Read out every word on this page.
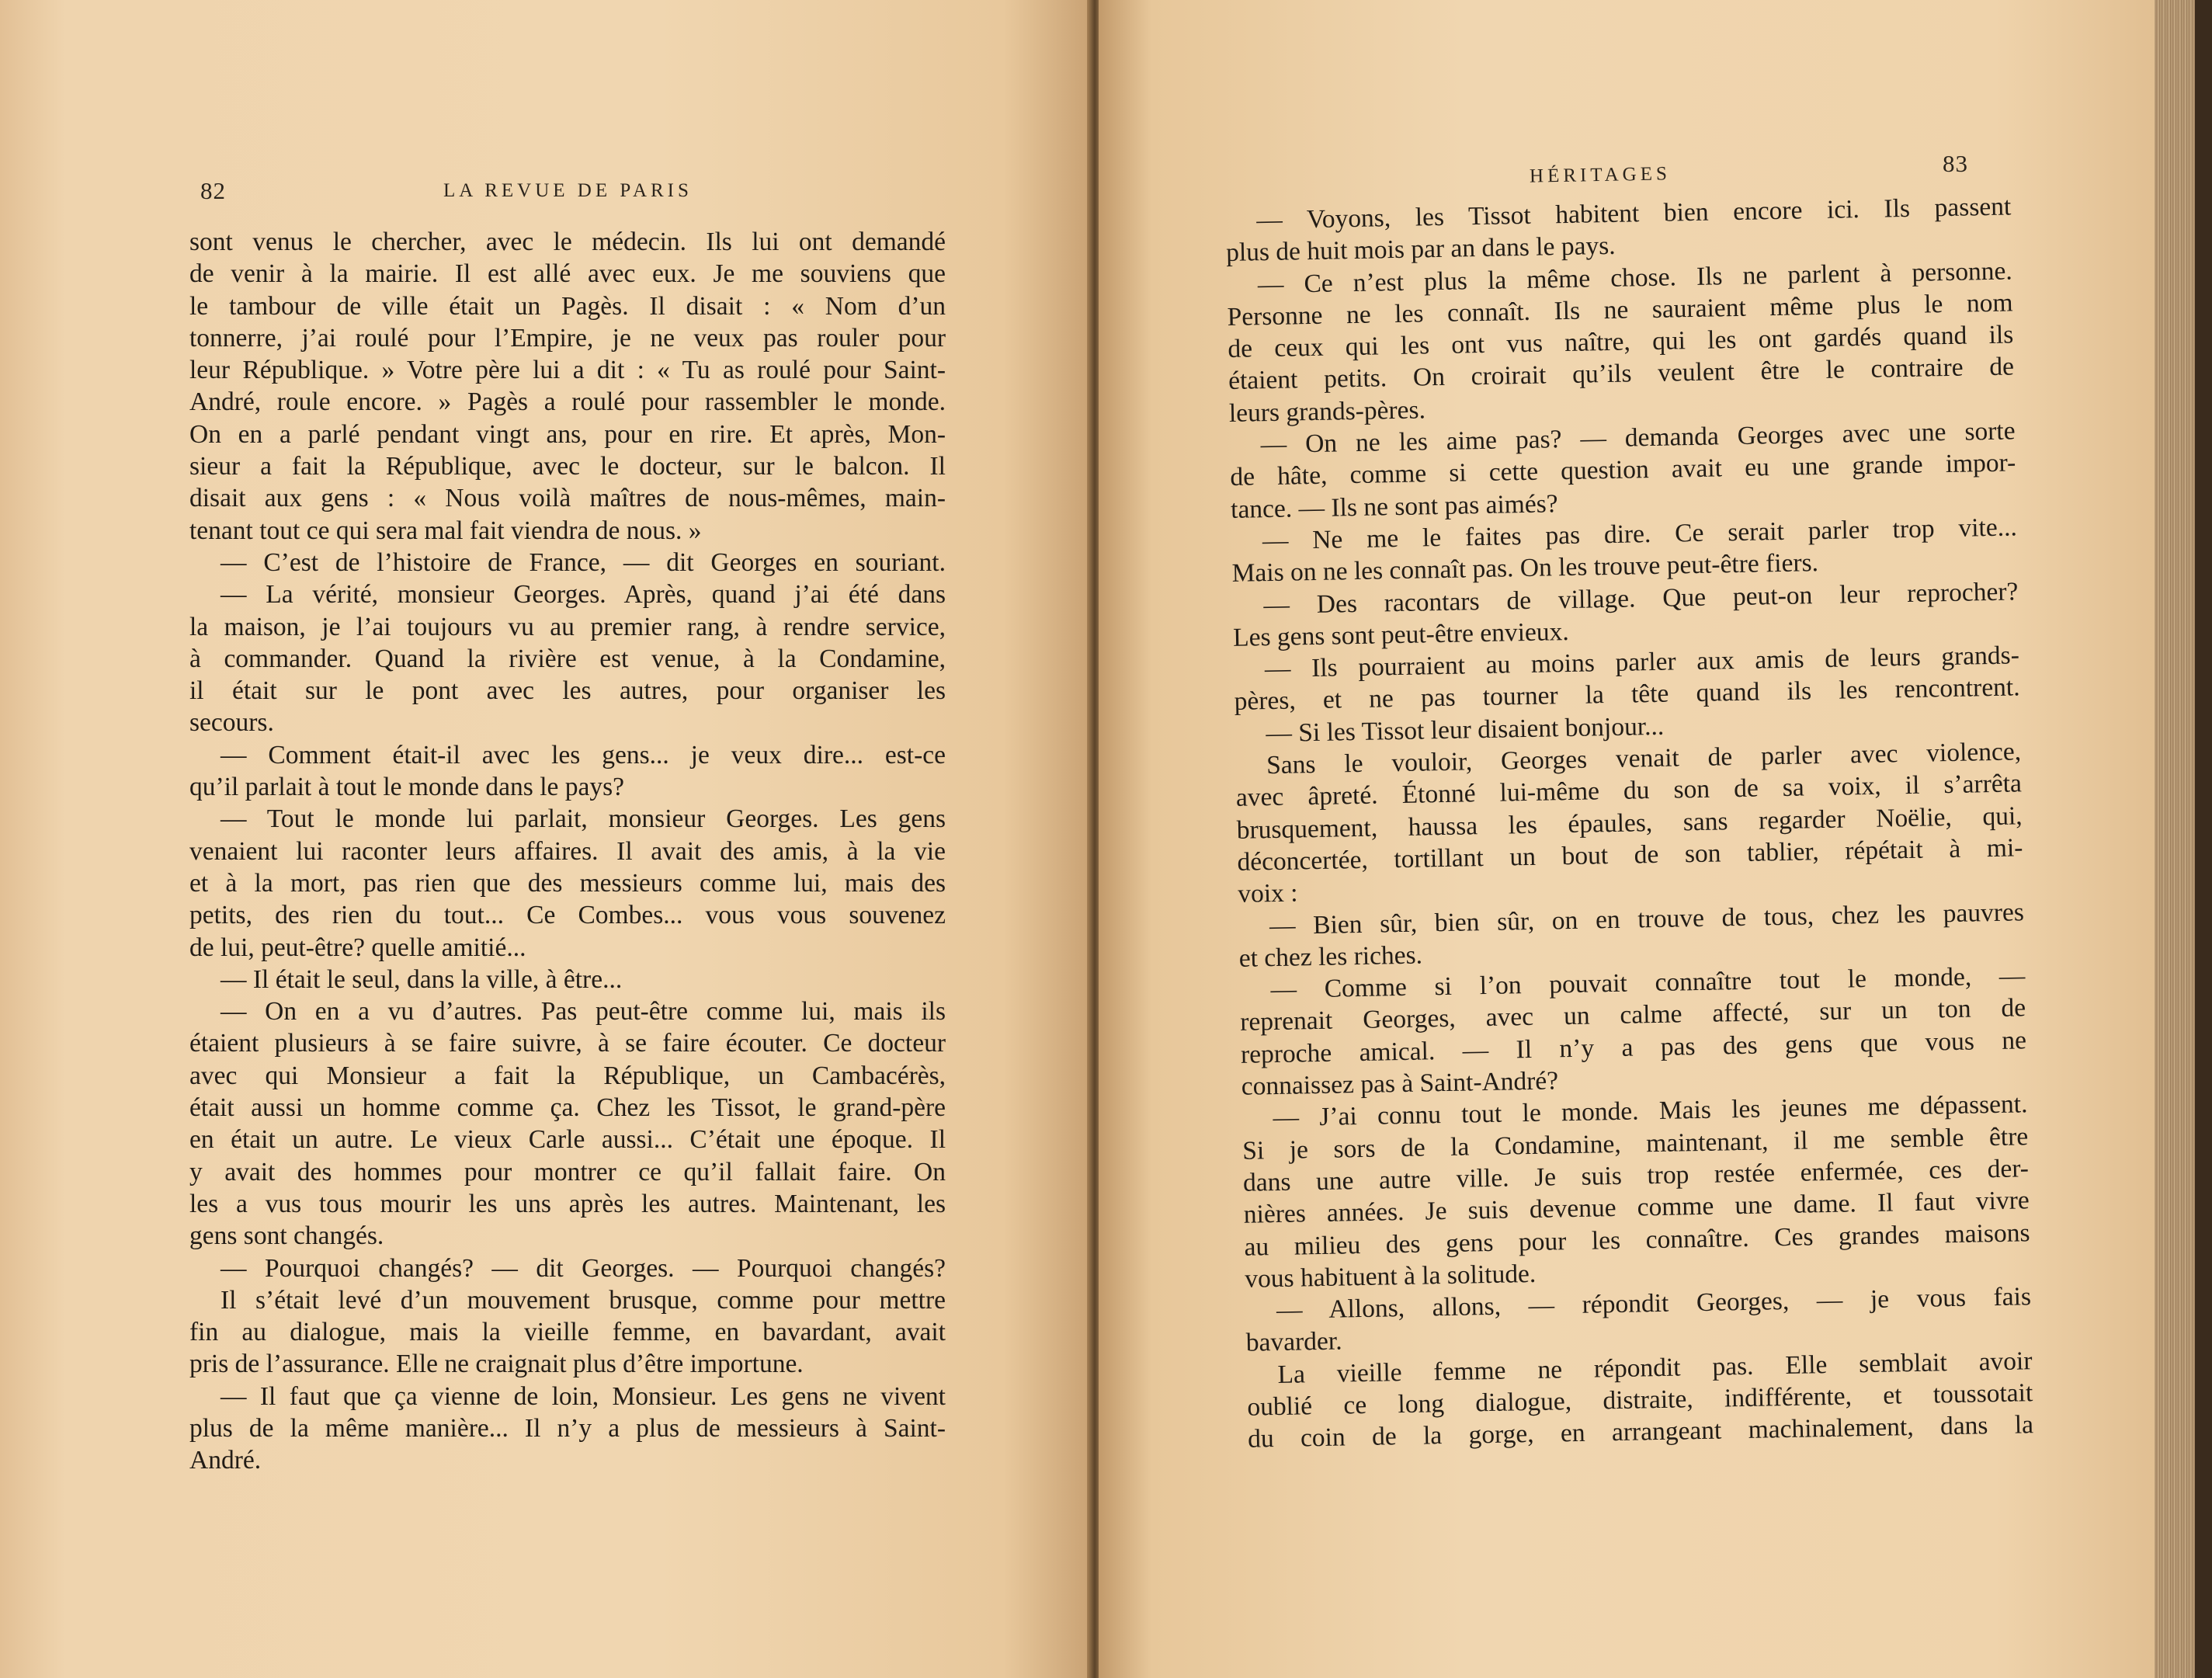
82	LA REVUE DE PARIS
sont venus le chercher, avec le médecin. Ils lui ont demandé
de venir à la mairie. Il est allé avec eux. Je me souviens que
le tambour de ville était un Pagès. Il disait : « Nom d’un
tonnerre, j’ai roulé pour l’Empire, je ne veux pas rouler pour
leur République. » Votre père lui a dit : « Tu as roulé pour Saint-
André, roule encore. » Pagès a roulé pour rassembler le monde.
On en a parlé pendant vingt ans, pour en rire. Et après, Mon-
sieur a fait la République, avec le docteur, sur le balcon. Il
disait aux gens : « Nous voilà maîtres de nous-mêmes, main-
tenant tout ce qui sera mal fait viendra de nous. »
— C’est de l’histoire de France, — dit Georges en souriant.
— La vérité, monsieur Georges. Après, quand j’ai été dans
la maison, je l’ai toujours vu au premier rang, à rendre service,
à commander. Quand la rivière est venue, à la Condamine,
il était sur le pont avec les autres, pour organiser les
secours.
— Comment était-il avec les gens... je veux dire... est-ce
qu’il parlait à tout le monde dans le pays?
— Tout le monde lui parlait, monsieur Georges. Les gens
venaient lui raconter leurs affaires. Il avait des amis, à la vie
et à la mort, pas rien que des messieurs comme lui, mais des
petits, des rien du tout... Ce Combes... vous vous souvenez
de lui, peut-être? quelle amitié...
— Il était le seul, dans la ville, à être...
— On en a vu d’autres. Pas peut-être comme lui, mais ils
étaient plusieurs à se faire suivre, à se faire écouter. Ce docteur
avec qui Monsieur a fait la République, un Cambacérès,
était aussi un homme comme ça. Chez les Tissot, le grand-père
en était un autre. Le vieux Carle aussi... C’était une époque. Il
y avait des hommes pour montrer ce qu’il fallait faire. On
les a vus tous mourir les uns après les autres. Maintenant, les
gens sont changés.
— Pourquoi changés? — dit Georges. — Pourquoi changés?
Il s’était levé d’un mouvement brusque, comme pour mettre
fin au dialogue, mais la vieille femme, en bavardant, avait
pris de l’assurance. Elle ne craignait plus d’être importune.
— Il faut que ça vienne de loin, Monsieur. Les gens ne vivent
plus de la même manière... Il n’y a plus de messieurs à Saint-
André.
HÉRITAGES	83
— Voyons, les Tissot habitent bien encore ici. Ils passent
plus de huit mois par an dans le pays.
— Ce n’est plus la même chose. Ils ne parlent à personne.
Personne ne les connaît. Ils ne sauraient même plus le nom
de ceux qui les ont vus naître, qui les ont gardés quand ils
étaient petits. On croirait qu’ils veulent être le contraire de
leurs grands-pères.
— On ne les aime pas? — demanda Georges avec une sorte
de hâte, comme si cette question avait eu une grande impor-
tance. — Ils ne sont pas aimés?
— Ne me le faites pas dire. Ce serait parler trop vite...
Mais on ne les connaît pas. On les trouve peut-être fiers.
— Des racontars de village. Que peut-on leur reprocher?
Les gens sont peut-être envieux.
— Ils pourraient au moins parler aux amis de leurs grands-
pères, et ne pas tourner la tête quand ils les rencontrent.
— Si les Tissot leur disaient bonjour...
Sans le vouloir, Georges venait de parler avec violence,
avec âpreté. Étonné lui-même du son de sa voix, il s’arrêta
brusquement, haussa les épaules, sans regarder Noëlie, qui,
déconcertée, tortillant un bout de son tablier, répétait à mi-
voix :
— Bien sûr, bien sûr, on en trouve de tous, chez les pauvres
et chez les riches.
— Comme si l’on pouvait connaître tout le monde, —
reprenait Georges, avec un calme affecté, sur un ton de
reproche amical. — Il n’y a pas des gens que vous ne
connaissez pas à Saint-André?
— J’ai connu tout le monde. Mais les jeunes me dépassent.
Si je sors de la Condamine, maintenant, il me semble être
dans une autre ville. Je suis trop restée enfermée, ces der-
nières années. Je suis devenue comme une dame. Il faut vivre
au milieu des gens pour les connaître. Ces grandes maisons
vous habituent à la solitude.
— Allons, allons, — répondit Georges, — je vous fais
bavarder.
La vieille femme ne répondit pas. Elle semblait avoir
oublié ce long dialogue, distraite, indifférente, et toussotait
du coin de la gorge, en arrangeant machinalement, dans la
